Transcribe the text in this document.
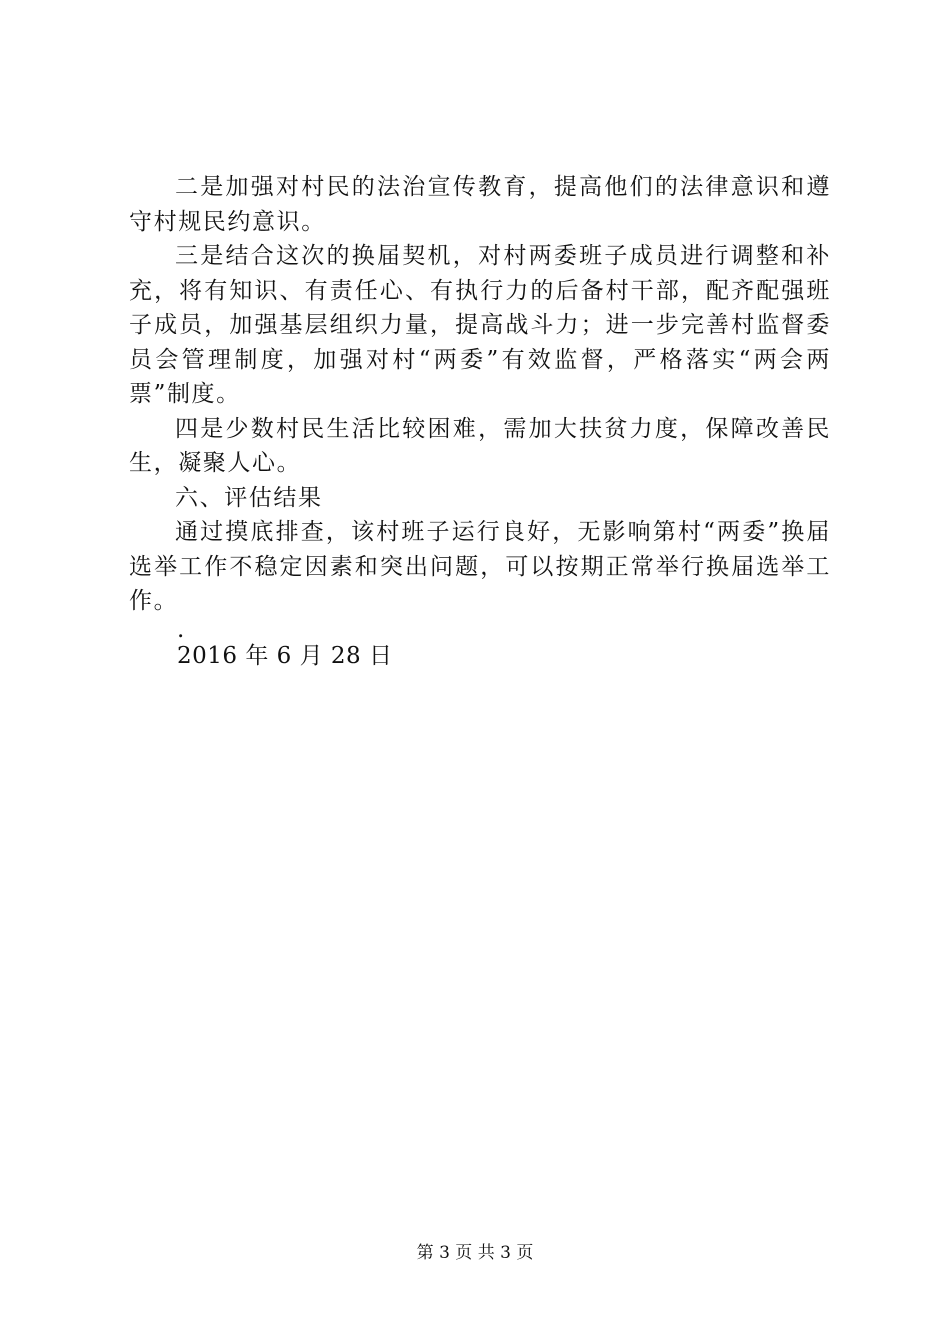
二是加强对村民的法治宣传教育，提高他们的法律意识和遵守村规民约意识。

三是结合这次的换届契机，对村两委班子成员进行调整和补充，将有知识、有责任心、有执行力的后备村干部，配齐配强班子成员，加强基层组织力量，提高战斗力；进一步完善村监督委员会管理制度，加强对村“两委”有效监督，严格落实“两会两票”制度。

四是少数村民生活比较困难，需加大扶贫力度，保障改善民生，凝聚人心。

六、评估结果

通过摸底排查，该村班子运行良好，无影响第村“两委”换届选举工作不稳定因素和突出问题，可以按期正常举行换届选举工作。

.

2016 年 6 月 28 日

第 3 页 共 3 页
